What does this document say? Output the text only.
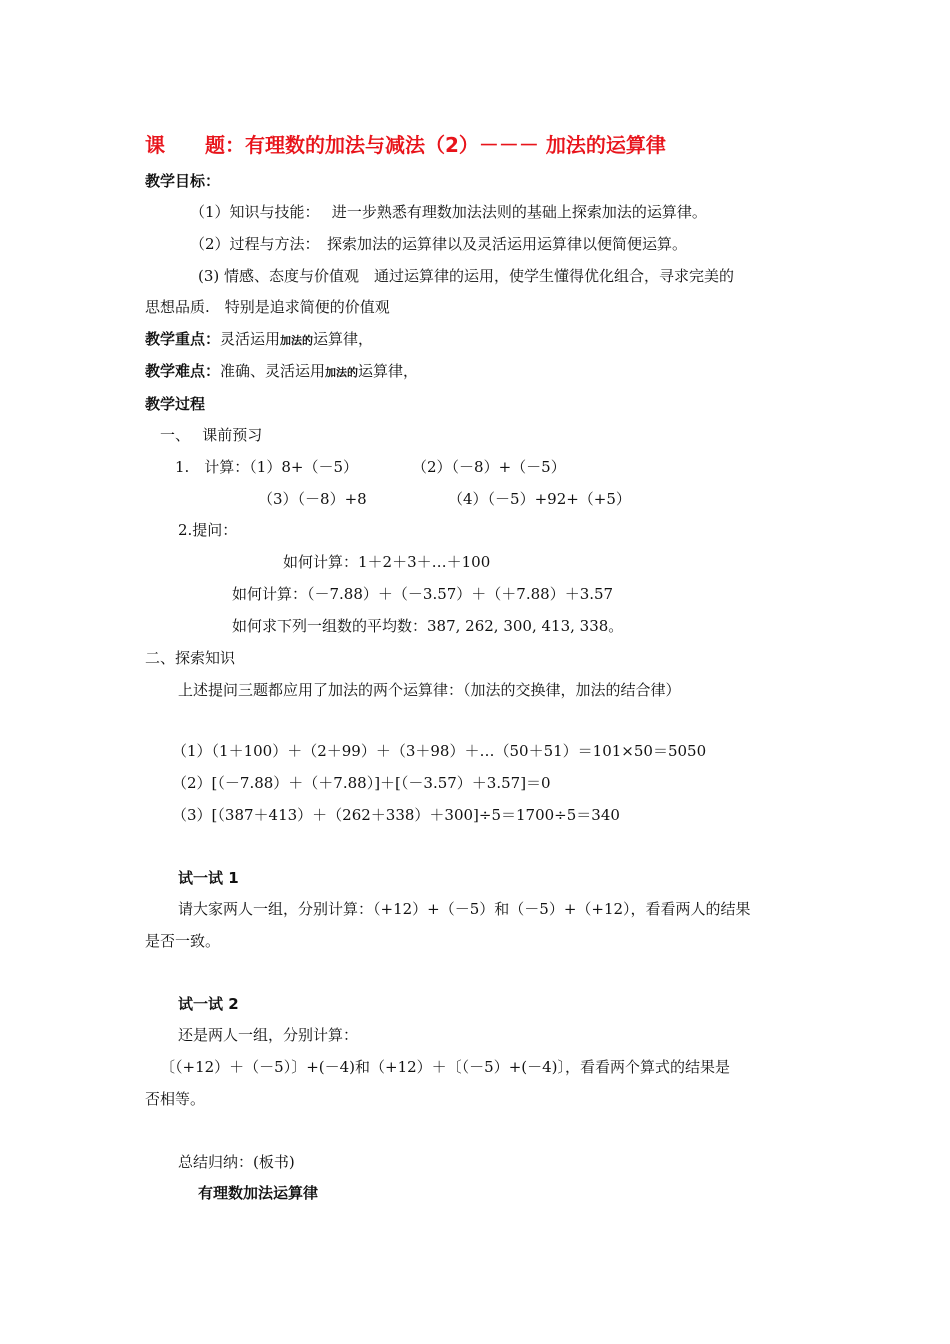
课 题：有理数的加法与减法（2）－－－ 加法的运算律
教学目标：
（1）知识与技能：　 进一步熟悉有理数加法法则的基础上探索加法的运算律。
（2）过程与方法：　探索加法的运算律以及灵活运用运算律以便简便运算。
(3) 情感、态度与价值观　通过运算律的运用，使学生懂得优化组合，寻求完美的
思想品质.　特别是追求简便的价值观
教学重点：灵活运用加法的运算律，
教学难点：准确、灵活运用加法的运算律，
教学过程
一、　 课前预习
1.　计算：（1）8+（－5）	（2）（－8）+（－5）
（3）（－8）+8	（4）（－5）+92+（+5）
2.提问：
如何计算：1＋2＋3＋…＋100
如何计算：（－7.88）＋（－3.57）＋（＋7.88）＋3.57
如何求下列一组数的平均数：387, 262, 300, 413, 338。
二、探索知识
上述提问三题都应用了加法的两个运算律：（加法的交换律，加法的结合律）
（1）（1＋100）＋（2＋99）＋（3＋98）＋…（50＋51）＝101×50＝5050
（2）[（－7.88）＋（＋7.88）]＋[（－3.57）＋3.57]＝0
（3）[（387＋413）＋（262＋338）＋300]÷5＝1700÷5＝340
试一试 1
请大家两人一组，分别计算：（+12）+（－5）和（－5）+（+12），看看两人的结果
是否一致。
试一试 2
还是两人一组，分别计算：
〔（+12）＋（－5）〕+(－4)和（+12）＋〔（－5）+(－4)〕，看看两个算式的结果是
否相等。
总结归纳：(板书)
有理数加法运算律
